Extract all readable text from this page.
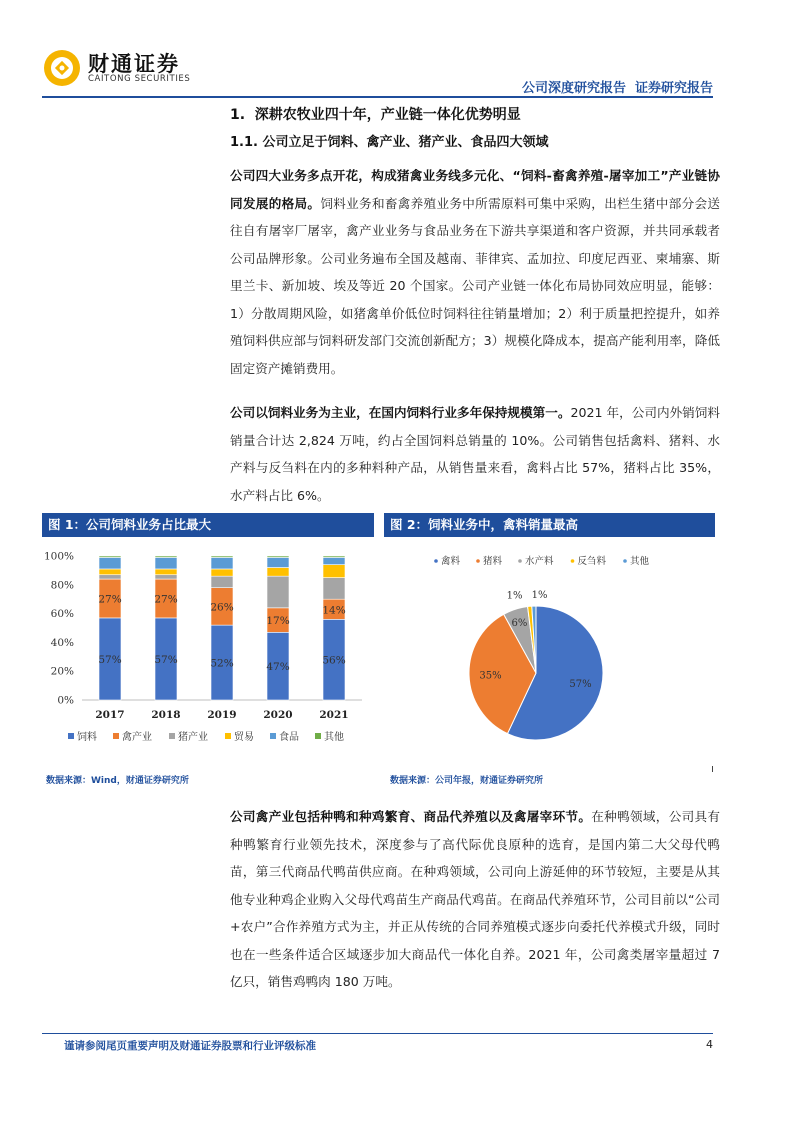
财通证券
CAITONG SECURITIES
公司深度研究报告  证券研究报告
1.  深耕农牧业四十年，产业链一体化优势明显
1.1. 公司立足于饲料、禽产业、猪产业、食品四大领域
公司四大业务多点开花，构成猪禽业务线多元化、“饲料-畜禽养殖-屠宰加工”产业链协同发展的格局。饲料业务和畜禽养殖业务中所需原料可集中采购，出栏生猪中部分会送往自有屠宰厂屠宰，禽产业业务与食品业务在下游共享渠道和客户资源，并共同承载者公司品牌形象。公司业务遍布全国及越南、菲律宾、孟加拉、印度尼西亚、柬埔寨、斯里兰卡、新加坡、埃及等近 20 个国家。公司产业链一体化布局协同效应明显，能够：1）分散周期风险，如猪禽单价低位时饲料往往销量增加；2）利于质量把控提升，如养殖饲料供应部与饲料研发部门交流创新配方；3）规模化降成本，提高产能利用率，降低固定资产摊销费用。
公司以饲料业务为主业，在国内饲料行业多年保持规模第一。2021 年，公司内外销饲料销量合计达 2,824 万吨，约占全国饲料总销量的 10%。公司销售包括禽料、猪料、水产料与反刍料在内的多种料种产品，从销售量来看，禽料占比 57%，猪料占比 35%，水产料占比 6%。
图 1：公司饲料业务占比最大	图 2：饲料业务中，禽料销量最高
0%
20%
40%
60%
80%
100%
57%
27%
2017
57%
27%
2018
52%
26%
2019
47%
17%
2020
56%
14%
2021
饲料	禽产业	猪产业	贸易	食品	其他
禽料 猪料 水产料	反刍料	其他
57%
35%
6%
1% 1%
数据来源：Wind，财通证券研究所	数据来源：公司年报，财通证券研究所
公司禽产业包括种鸭和种鸡繁育、商品代养殖以及禽屠宰环节。在种鸭领域，公司具有种鸭繁育行业领先技术，深度参与了高代际优良原种的选育，是国内第二大父母代鸭苗，第三代商品代鸭苗供应商。在种鸡领域，公司向上游延伸的环节较短，主要是从其他专业种鸡企业购入父母代鸡苗生产商品代鸡苗。在商品代养殖环节，公司目前以“公司+农户”合作养殖方式为主，并正从传统的合同养殖模式逐步向委托代养模式升级，同时也在一些条件适合区域逐步加大商品代一体化自养。2021 年，公司禽类屠宰量超过 7 亿只，销售鸡鸭肉 180 万吨。
谨请参阅尾页重要声明及财通证券股票和行业评级标准	4
